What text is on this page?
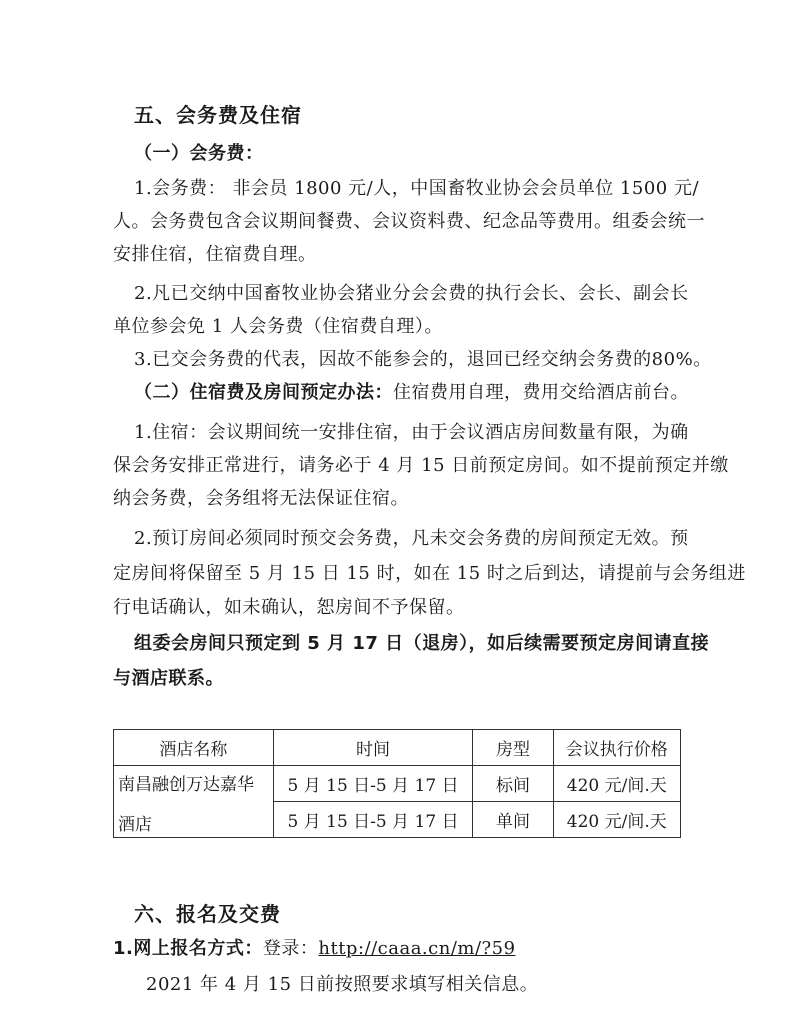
五、会务费及住宿
（一）会务费：
1.会务费： 非会员 1800 元/人，中国畜牧业协会会员单位 1500 元/
人。会务费包含会议期间餐费、会议资料费、纪念品等费用。组委会统一
安排住宿，住宿费自理。
2.凡已交纳中国畜牧业协会猪业分会会费的执行会长、会长、副会长
单位参会免 1 人会务费（住宿费自理）。
3.已交会务费的代表，因故不能参会的，退回已经交纳会务费的80%。
（二）住宿费及房间预定办法：住宿费用自理，费用交给酒店前台。
1.住宿：会议期间统一安排住宿，由于会议酒店房间数量有限，为确
保会务安排正常进行，请务必于 4 月 15 日前预定房间。如不提前预定并缴
纳会务费，会务组将无法保证住宿。
2.预订房间必须同时预交会务费，凡未交会务费的房间预定无效。预
定房间将保留至 5 月 15 日 15 时，如在 15 时之后到达，请提前与会务组进
行电话确认，如未确认，恕房间不予保留。
组委会房间只预定到 5 月 17 日（退房），如后续需要预定房间请直接
与酒店联系。
酒店名称	时间	房型	会议执行价格

南昌融创万达嘉华
酒店	5 月 15 日-5 月 17 日	标间	420 元/间.天
	5 月 15 日-5 月 17 日	单间	420 元/间.天
六、报名及交费
1.网上报名方式：登录：http://caaa.cn/m/?59
2021 年 4 月 15 日前按照要求填写相关信息。
